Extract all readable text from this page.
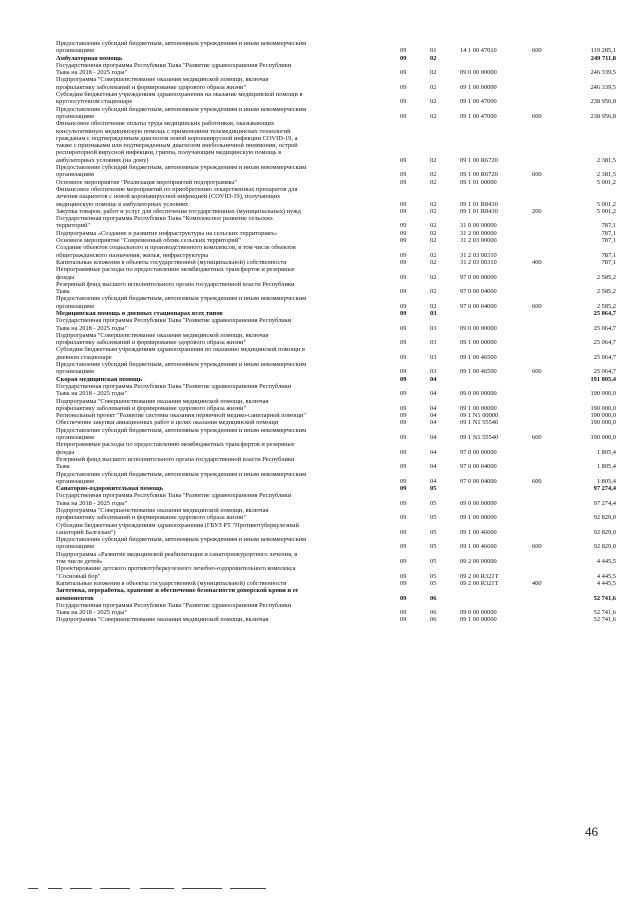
Предоставление субсидий бюджетным, автономным учреждениям и иным некоммерческим
организациям	09	01	14 1 00 47010	600	119 285,1
Амбулаторная помощь	09	02	249 711,8
Государственная программа Республики Тыва "Развитие здравоохранения Республики
Тыва на 2018 - 2025 годы"	09	02	09 0 00 00000	246 339,5
Подпрограмма "Совершенствование оказания медицинской помощи, включая
профилактику заболеваний и формирование здорового образа жизни"	09	02	09 1 00 00000	246 339,5
Субсидии бюджетным учреждениям здравоохранения на оказание медицинской помощи в
круглосуточном стационаре	09	02	09 1 00 47000	238 956,8
Предоставление субсидий бюджетным, автономным учреждениям и иным некоммерческим
организациям	09	02	09 1 00 47000	600	238 956,8
Финансовое обеспечение оплаты труда медицинских работников, оказывающих
консультативную медицинскую помощь с применением телемедицинских технологий
гражданам с подтвержденным диагнозом новой коронавирусной инфекции COVID-19, а
также с признаками или подтвержденным диагнозом внебольничной пневмонии, острой
респираторной вирусной инфекции, гриппа, получающим медицинскую помощь в
амбулаторных условиях (на дому)	09	02	09 1 00 R6720	2 381,5
Предоставление субсидий бюджетным, автономным учреждениям и иным некоммерческим
организациям	09	02	09 1 00 R6720	600	2 381,5
Основное мероприятие "Реализация мероприятий подпрограммы"	09	02	09 1 01 00000	5 001,2
Финансовое обеспечение мероприятий по приобретению лекарственных препаратов для
лечения пациентов с новой коронавирусной инфекцией (COVID-19), получающих
медицинскую помощь в амбулаторных условиях	09	02	09 1 01 R8430	5 001,2
Закупка товаров, работ и услуг для обеспечения государственных (муниципальных) нужд	09	02	09 1 01 R8430	200	5 001,2
Государственная программа Республики Тыва "Комплексное развитие сельских
территорий"	09	02	31 0 00 00000	787,1
Подпрограмма «Создание и развитие инфраструктуры на сельских территориях»	09	02	31 2 00 00000	787,1
Основное мероприятие "Современный облик сельских территорий"	09	02	31 2 03 00000	787,1
Создание объектов социального и производственного комплексов, в том числе объектов
общегражданского назначения, жилья, инфраструктуры	09	02	31 2 03 00310	787,1
Капитальные вложения в объекты государственной (муниципальной) собственности	09	02	31 2 03 00310	400	787,1
Непрограммные расходы по предоставлению межбюджетных трансфертов и резервные
фонды	09	02	97 0 00 00000	2 585,2
Резервный фонд высшего исполнительного органа государственной власти Республики
Тыва	09	02	97 0 00 04000	2 585,2
Предоставление субсидий бюджетным, автономным учреждениям и иным некоммерческим
организациям	09	02	97 0 00 04000	600	2 585,2
Медицинская помощь в дневных стационарах всех типов	09	03	25 064,7
Государственная программа Республики Тыва "Развитие здравоохранения Республики
Тыва на 2018 - 2025 годы"	09	03	09 0 00 00000	25 064,7
Подпрограмма "Совершенствование оказания медицинской помощи, включая
профилактику заболеваний и формирование здорового образа жизни"	09	03	09 1 00 00000	25 064,7
Субсидии бюджетным учреждениям здравоохранения по оказанию медицинской помощи в
дневном стационаре	09	03	09 1 00 46500	25 064,7
Предоставление субсидий бюджетным, автономным учреждениям и иным некоммерческим
организациям	09	03	09 1 00 46500	600	25 064,7
Скорая медицинская помощь	09	04	191 805,4
Государственная программа Республики Тыва "Развитие здравоохранения Республики
Тыва на 2018 - 2025 годы"	09	04	09 0 00 00000	190 000,0
Подпрограмма "Совершенствование оказания медицинской помощи, включая
профилактику заболеваний и формирование здорового образа жизни"	09	04	09 1 00 00000	190 000,0
Региональный проект "Развитие системы оказания первичной медико-санитарной помощи"	09	04	09 1 N1 00000	190 000,0
Обеспечение закупки авиационных работ в целях оказания медицинской помощи	09	04	09 1 N1 55540	190 000,0
Предоставление субсидий бюджетным, автономным учреждениям и иным некоммерческим
организациям	09	04	09 1 N1 55540	600	190 000,0
Непрограммные расходы по предоставлению межбюджетных трансфертов и резервные
фонды	09	04	97 0 00 00000	1 805,4
Резервный фонд высшего исполнительного органа государственной власти Республики
Тыва	09	04	97 0 00 04000	1 805,4
Предоставление субсидий бюджетным, автономным учреждениям и иным некоммерческим
организациям	09	04	97 0 00 04000	600	1 805,4
Санаторно-оздоровительная помощь	09	05	97 274,4
Государственная программа Республики Тыва "Развитие здравоохранения Республики
Тыва на 2018 - 2025 годы"	09	05	09 0 00 00000	97 274,4
Подпрограмма "Совершенствование оказания медицинской помощи, включая
профилактику заболеваний и формирование здорового образа жизни"	09	05	09 1 00 00000	92 829,0
Субсидии бюджетным учреждениям здравоохранения (ГБУЗ РТ "Противотуберкулезный
санаторий Балгазын")	09	05	09 1 00 46600	92 829,0
Предоставление субсидий бюджетным, автономным учреждениям и иным некоммерческим
организациям	09	05	09 1 00 46600	600	92 829,0
Подпрограмма «Развитие медицинской реабилитации и санаторнокурортного лечения, в
том числе детей»	09	05	09 2 00 00000	4 445,5
Проектирование детского противотуберкулезного лечебно-оздоровительного комплекса
"Сосновый бор"	09	05	09 2 00 R321T	4 445,5
Капитальные вложения в объекты государственной (муниципальной) собственности	09	05	09 2 00 R321T	400	4 445,5
Заготовка, переработка, хранение и обеспечение безопасности донорской крови и ее
компонентов	09	06	52 741,6
Государственная программа Республики Тыва "Развитие здравоохранения Республики
Тыва на 2018 - 2025 годы"	09	06	09 0 00 00000	52 741,6
Подпрограмма "Совершенствование оказания медицинской помощи, включая	09	06	09 1 00 00000	52 741,6
46
